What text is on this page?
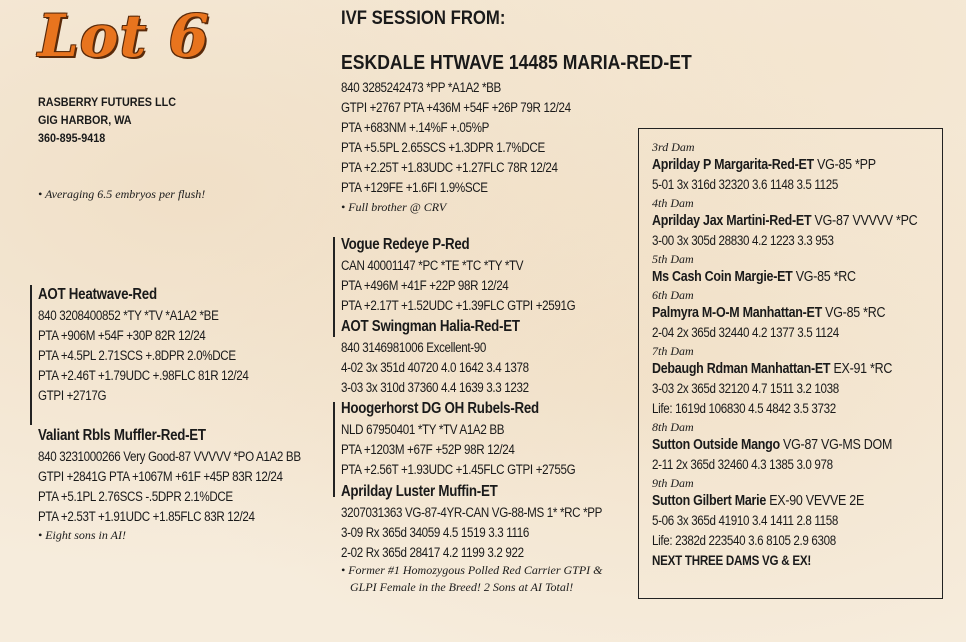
Lot 6
RASBERRY FUTURES LLC
GIG HARBOR, WA
360-895-9418
• Averaging 6.5 embryos per flush!
IVF SESSION FROM:
ESKDALE HTWAVE 14485 MARIA-RED-ET
840 3285242473 *PP *A1A2 *BB
GTPI +2767 PTA +436M +54F +26P 79R 12/24
PTA +683NM +.14%F +.05%P
PTA +5.5PL 2.65SCS +1.3DPR 1.7%DCE
PTA +2.25T +1.83UDC +1.27FLC 78R 12/24
PTA +129FE +1.6FI 1.9%SCE
• Full brother @ CRV
AOT Heatwave-Red
840 3208400852 *TY *TV *A1A2 *BE
PTA +906M +54F +30P 82R 12/24
PTA +4.5PL 2.71SCS +.8DPR 2.0%DCE
PTA +2.46T +1.79UDC +.98FLC 81R 12/24
GTPI +2717G
Valiant Rbls Muffler-Red-ET
840 3231000266 Very Good-87 VVVVV *PO A1A2 BB
GTPI +2841G PTA +1067M +61F +45P 83R 12/24
PTA +5.1PL 2.76SCS -.5DPR 2.1%DCE
PTA +2.53T +1.91UDC +1.85FLC 83R 12/24
• Eight sons in AI!
Vogue Redeye P-Red
CAN 40001147 *PC *TE *TC *TY *TV
PTA +496M +41F +22P 98R 12/24
PTA +2.17T +1.52UDC +1.39FLC GTPI +2591G
AOT Swingman Halia-Red-ET
840 3146981006 Excellent-90
4-02 3x 351d 40720 4.0 1642 3.4 1378
3-03 3x 310d 37360 4.4 1639 3.3 1232
Hoogerhorst DG OH Rubels-Red
NLD 67950401 *TY *TV A1A2 BB
PTA +1203M +67F +52P 98R 12/24
PTA +2.56T +1.93UDC +1.45FLC GTPI +2755G
Aprilday Luster Muffin-ET
3207031363 VG-87-4YR-CAN VG-88-MS 1* *RC *PP
3-09 Rx 365d 34059 4.5 1519 3.3 1116
2-02 Rx 365d 28417 4.2 1199 3.2 922
• Former #1 Homozygous Polled Red Carrier GTPI &
GLPI Female in the Breed! 2 Sons at AI Total!
3rd Dam
Aprilday P Margarita-Red-ET VG-85 *PP
5-01 3x 316d 32320 3.6 1148 3.5 1125
4th Dam
Aprilday Jax Martini-Red-ET VG-87 VVVVV *PC
3-00 3x 305d 28830 4.2 1223 3.3 953
5th Dam
Ms Cash Coin Margie-ET VG-85 *RC
6th Dam
Palmyra M-O-M Manhattan-ET VG-85 *RC
2-04 2x 365d 32440 4.2 1377 3.5 1124
7th Dam
Debaugh Rdman Manhattan-ET EX-91 *RC
3-03 2x 365d 32120 4.7 1511 3.2 1038
Life: 1619d 106830 4.5 4842 3.5 3732
8th Dam
Sutton Outside Mango VG-87 VG-MS DOM
2-11 2x 365d 32460 4.3 1385 3.0 978
9th Dam
Sutton Gilbert Marie EX-90 VEVVE 2E
5-06 3x 365d 41910 3.4 1411 2.8 1158
Life: 2382d 223540 3.6 8105 2.9 6308
NEXT THREE DAMS VG & EX!
